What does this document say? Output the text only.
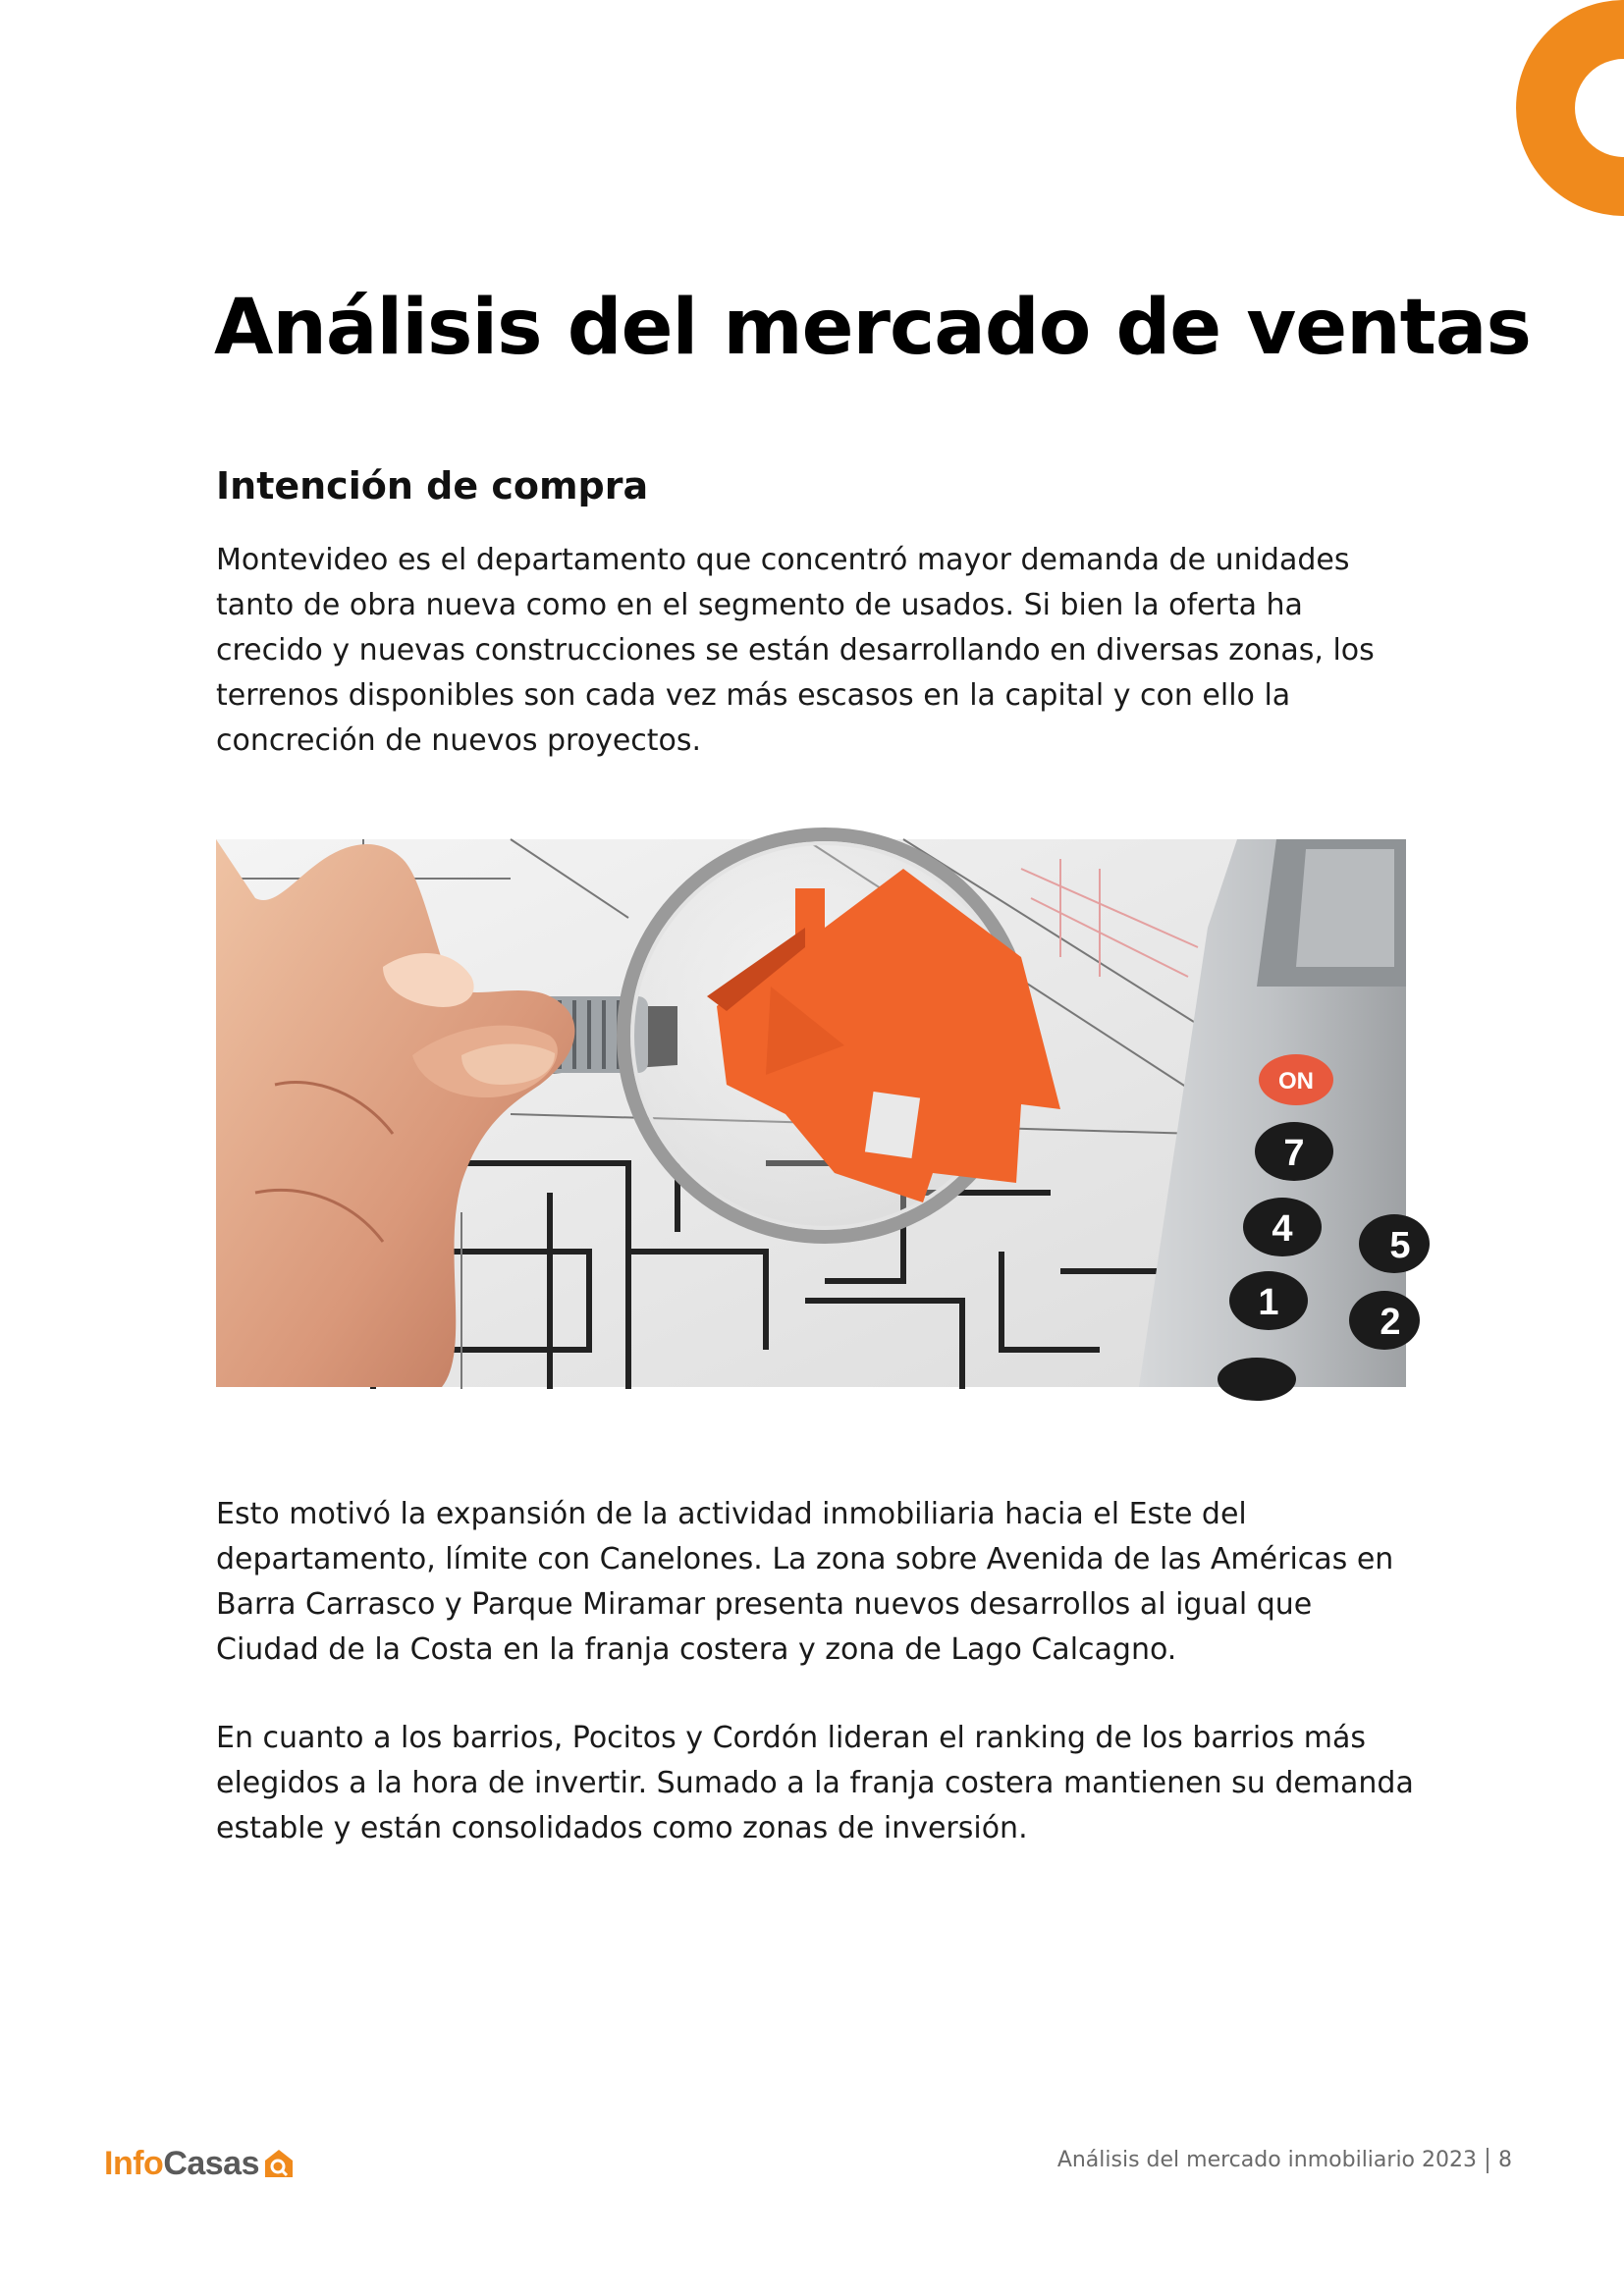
Análisis del mercado de ventas
Intención de compra

Montevideo es el departamento que concentró mayor demanda de unidades tanto de obra nueva como en el segmento de usados. Si bien la oferta ha crecido y nuevas construcciones se están desarrollando en diversas zonas, los terrenos disponibles son cada vez más escasos en la capital y con ello la concreción de nuevos proyectos.

ON
7
4
1
5
2

Esto motivó la expansión de la actividad inmobiliaria hacia el Este del departamento, límite con Canelones. La zona sobre Avenida de las Américas en Barra Carrasco y Parque Miramar presenta nuevos desarrollos al igual que Ciudad de la Costa en la franja costera y zona de Lago Calcagno.

En cuanto a los barrios, Pocitos y Cordón lideran el ranking de los barrios más elegidos a la hora de invertir. Sumado a la franja costera mantienen su demanda estable y están consolidados como zonas de inversión.

Info Casas	Análisis del mercado inmobiliario 2023 8
